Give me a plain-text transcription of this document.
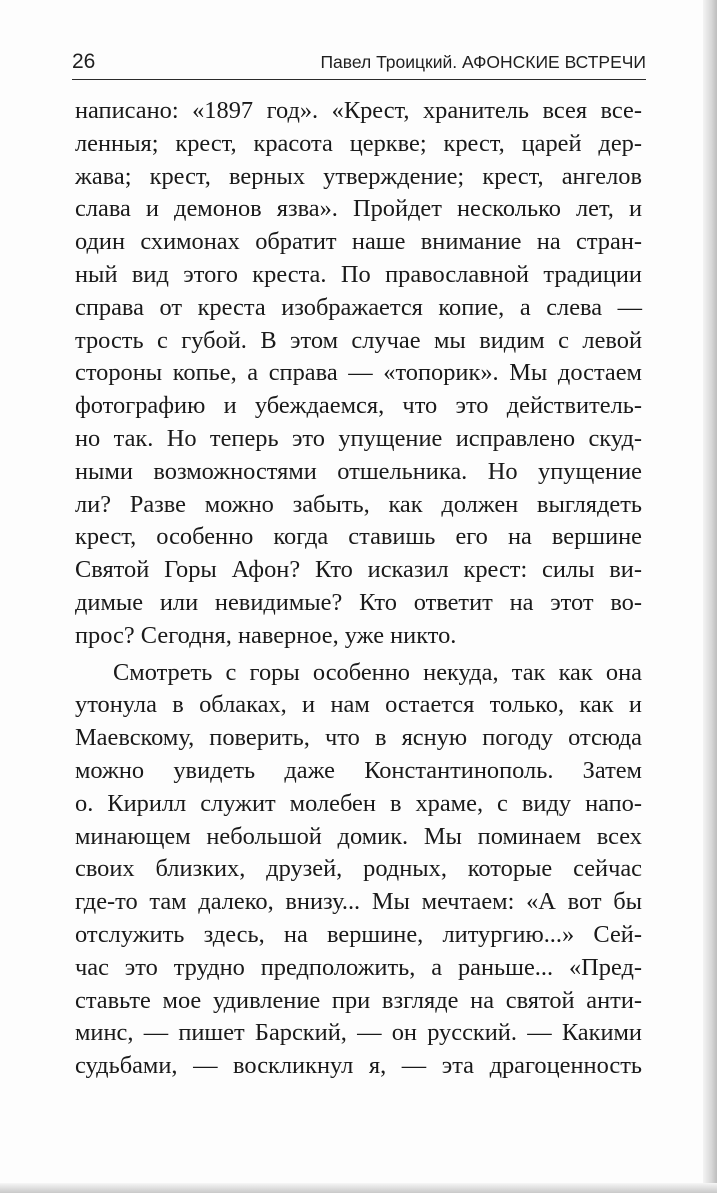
26	Павел Троицкий. АФОНСКИЕ ВСТРЕЧИ
написано: «1897 год». «Крест, хранитель всея все-
ленныя; крест, красота церкве; крест, царей дер-
жава; крест, верных утверждение; крест, ангелов
слава и демонов язва». Пройдет несколько лет, и
один схимонах обратит наше внимание на стран-
ный вид этого креста. По православной традиции
справа от креста изображается копие, а слева —
трость с губой. В этом случае мы видим с левой
стороны копье, а справа — «топорик». Мы достаем
фотографию и убеждаемся, что это действитель-
но так. Но теперь это упущение исправлено скуд-
ными возможностями отшельника. Но упущение
ли? Разве можно забыть, как должен выглядеть
крест, особенно когда ставишь его на вершине
Святой Горы Афон? Кто исказил крест: силы ви-
димые или невидимые? Кто ответит на этот во-
прос? Сегодня, наверное, уже никто.
Смотреть с горы особенно некуда, так как она
утонула в облаках, и нам остается только, как и
Маевскому, поверить, что в ясную погоду отсюда
можно увидеть даже Константинополь. Затем
о. Кирилл служит молебен в храме, с виду напо-
минающем небольшой домик. Мы поминаем всех
своих близких, друзей, родных, которые сейчас
где-то там далеко, внизу... Мы мечтаем: «А вот бы
отслужить здесь, на вершине, литургию...» Сей-
час это трудно предположить, а раньше... «Пред-
ставьте мое удивление при взгляде на святой анти-
минс, — пишет Барский, — он русский. — Какими
судьбами, — воскликнул я, — эта драгоценность
